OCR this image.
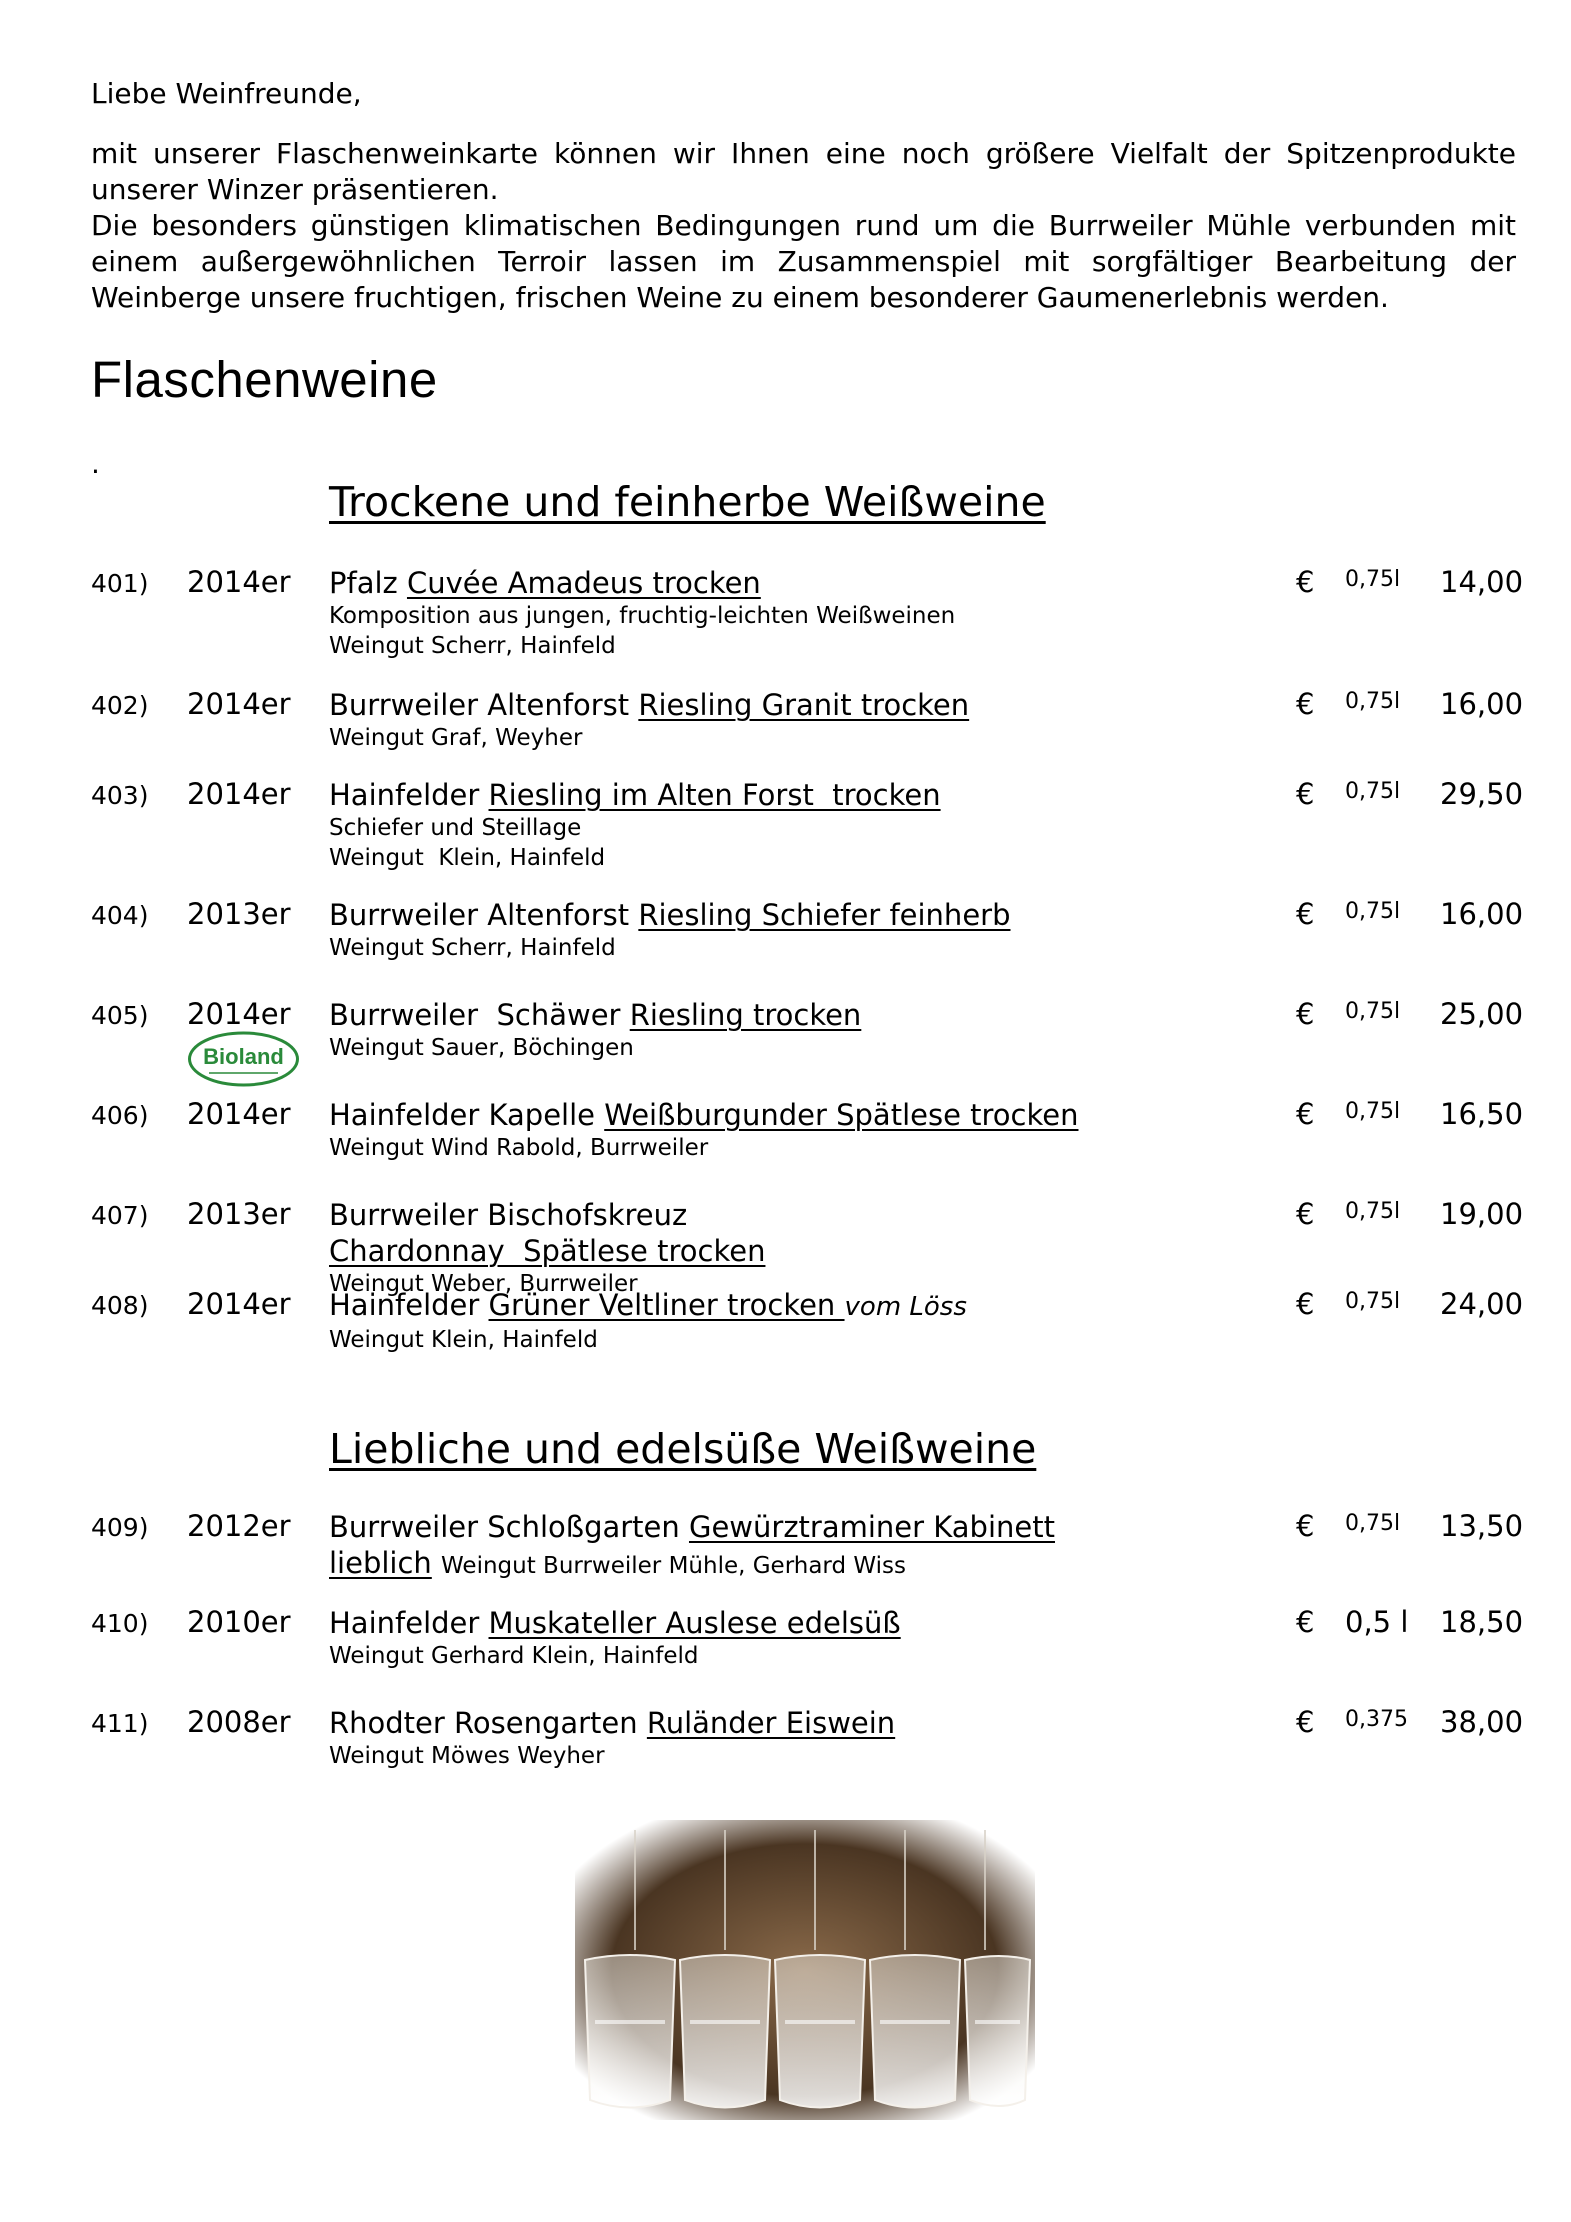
Liebe Weinfreunde,

mit unserer Flaschenweinkarte können wir Ihnen eine noch größere Vielfalt der Spitzenprodukte unserer Winzer präsentieren.

Die besonders günstigen klimatischen Bedingungen rund um die Burrweiler Mühle verbunden mit einem außergewöhnlichen Terroir lassen im Zusammenspiel mit sorgfältiger Bearbeitung der Weinberge unsere fruchtigen, frischen Weine zu einem besonderer Gaumenerlebnis werden.

Flaschenweine
.
Trockene und feinherbe Weißweine
401) 2014er Pfalz Cuvée Amadeus trocken
Komposition aus jungen, fruchtig-leichten Weißweinen
Weingut Scherr, Hainfeld
€ 0,75l 14,00
402) 2014er Burrweiler Altenforst Riesling Granit trocken
Weingut Graf, Weyher
€ 0,75l 16,00
403) 2014er Hainfelder Riesling im Alten Forst  trocken
Schiefer und Steillage
Weingut  Klein, Hainfeld
€ 0,75l 29,50
404) 2013er Burrweiler Altenforst Riesling Schiefer feinherb
Weingut Scherr, Hainfeld
€ 0,75l 16,00
405) 2014er Burrweiler  Schäwer Riesling trocken
Weingut Sauer, Böchingen
€ 0,75l 25,00
Bioland
406) 2014er Hainfelder Kapelle Weißburgunder Spätlese trocken
Weingut Wind Rabold, Burrweiler
€ 0,75l 16,50
407) 2013er Burrweiler Bischofskreuz Chardonnay  Spätlese trocken
Weingut Weber, Burrweiler
€ 0,75l 19,00
408) 2014er Hainfelder Grüner Veltliner trocken vom Löss
Weingut Klein, Hainfeld
€ 0,75l 24,00
Liebliche und edelsüße Weißweine
409) 2012er Burrweiler Schloßgarten Gewürztraminer Kabinett lieblich Weingut Burrweiler Mühle, Gerhard Wiss
€ 0,75l 13,50
410) 2010er Hainfelder Muskateller Auslese edelsüß
Weingut Gerhard Klein, Hainfeld
€ 0,5 l 18,50
411) 2008er Rhodter Rosengarten Ruländer Eiswein
Weingut Möwes Weyher
€ 0,375 38,00
